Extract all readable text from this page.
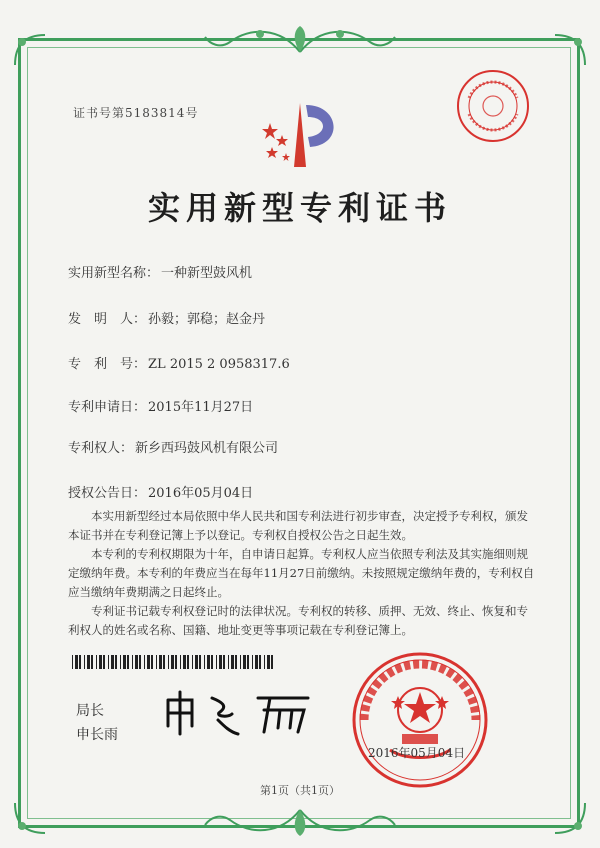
证书号第5183814号
实用新型专利证书
实用新型名称： 一种新型鼓风机
发　明　人： 孙毅；郭稳；赵金丹
专　利　号： ZL 2015 2 0958317.6
专利申请日： 2015年11月27日
专利权人： 新乡西玛鼓风机有限公司
授权公告日： 2016年05月04日

本实用新型经过本局依照中华人民共和国专利法进行初步审查，决定授予专利权，颁发本证书并在专利登记簿上予以登记。专利权自授权公告之日起生效。

本专利的专利权期限为十年，自申请日起算。专利权人应当依照专利法及其实施细则规定缴纳年费。本专利的年费应当在每年11月27日前缴纳。未按照规定缴纳年费的，专利权自应当缴纳年费期满之日起终止。

专利证书记载专利权登记时的法律状况。专利权的转移、质押、无效、终止、恢复和专利权人的姓名或名称、国籍、地址变更等事项记载在专利登记簿上。

局长
申长雨
2016年05月04日
第1页（共1页）
